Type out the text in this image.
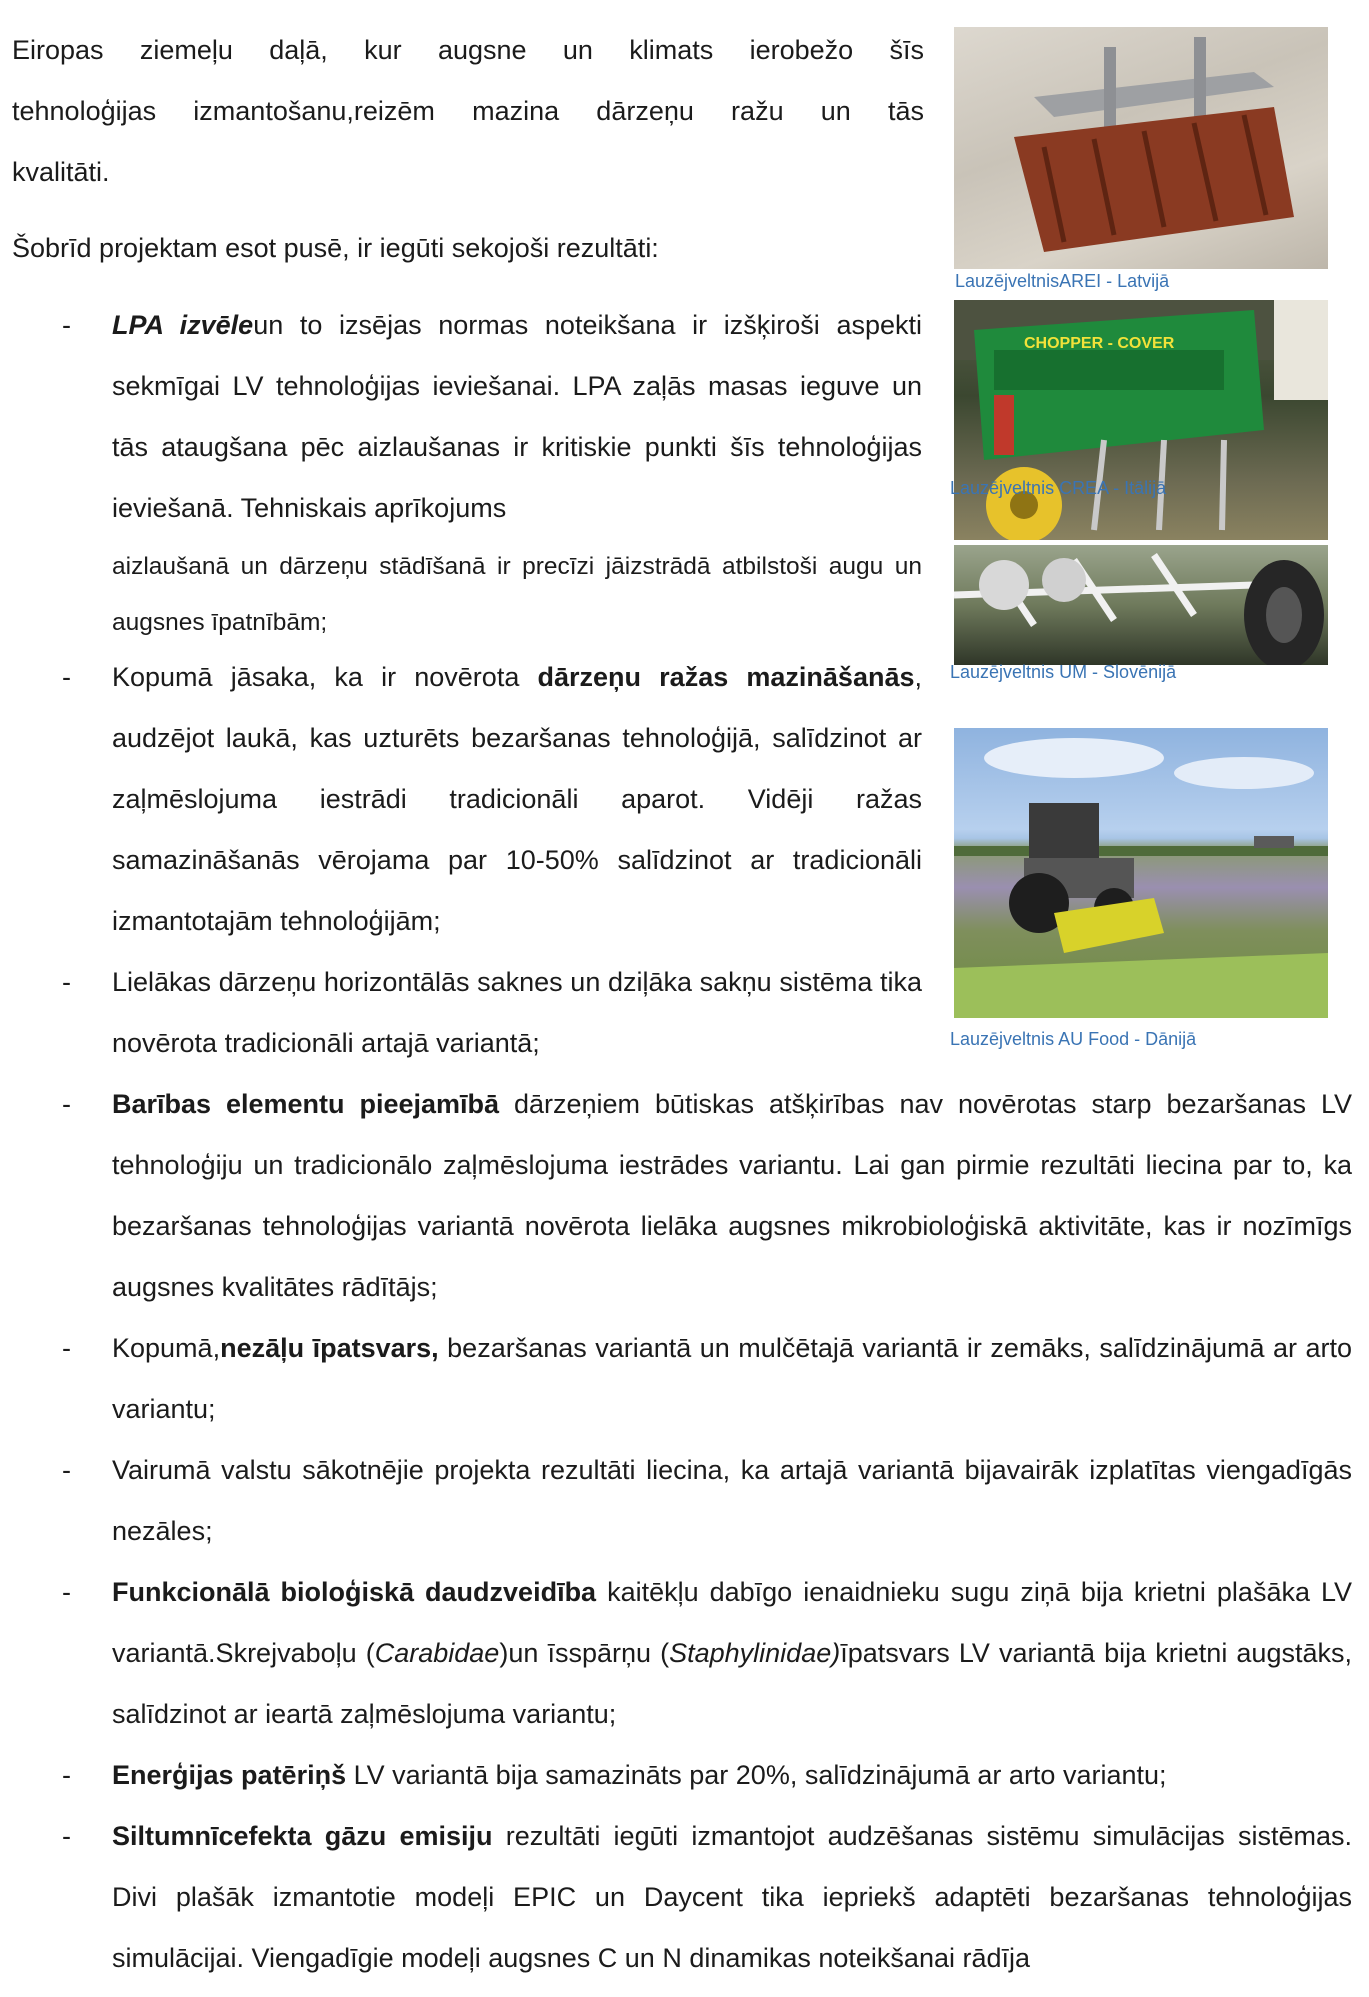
Eiropas ziemeļu daļā, kur augsne un klimats ierobežo šīs
tehnoloģijas izmantošanu,reizēm mazina dārzeņu ražu un tās
kvalitāti.
Šobrīd projektam esot pusē, ir iegūti sekojoši rezultāti:
- LPA izvēleun to izsējas normas noteikšana ir izšķiroši aspekti sekmīgai LV tehnoloģijas ieviešanai. LPA zaļās masas ieguve un tās ataugšana pēc aizlaušanas ir kritiskie punkti šīs tehnoloģijas ieviešanā. Tehniskais aprīkojums
aizlaušanā un dārzeņu stādīšanā ir precīzi jāizstrādā atbilstoši augu un augsnes īpatnībām;
- Kopumā jāsaka, ka ir novērota dārzeņu ražas mazināšanās, audzējot laukā, kas uzturēts bezaršanas tehnoloģijā, salīdzinot ar zaļmēslojuma iestrādi tradicionāli aparot. Vidēji ražas samazināšanās vērojama par 10-50% salīdzinot ar tradicionāli izmantotajām tehnoloģijām;
- Lielākas dārzeņu horizontālās saknes un dziļāka sakņu sistēma tika novērota tradicionāli artajā variantā;
- Barības elementu pieejamībā dārzeņiem būtiskas atšķirības nav novērotas starp bezaršanas LV tehnoloģiju un tradicionālo zaļmēslojuma iestrādes variantu. Lai gan pirmie rezultāti liecina par to, ka bezaršanas tehnoloģijas variantā novērota lielāka augsnes mikrobioloģiskā aktivitāte, kas ir nozīmīgs augsnes kvalitātes rādītājs;
- Kopumā,nezāļu īpatsvars, bezaršanas variantā un mulčētajā variantā ir zemāks, salīdzinājumā ar arto variantu;
- Vairumā valstu sākotnējie projekta rezultāti liecina, ka artajā variantā bijavairāk izplatītas viengadīgās nezāles;
- Funkcionālā bioloģiskā daudzveidība kaitēkļu dabīgo ienaidnieku sugu ziņā bija krietni plašāka LV variantā.Skrejvaboļu (Carabidae)un īsspārņu (Staphylinidae)īpatsvars LV variantā bija krietni augstāks, salīdzinot ar ieartā zaļmēslojuma variantu;
- Enerģijas patēriņš LV variantā bija samazināts par 20%, salīdzinājumā ar arto variantu;
- Siltumnīcefekta gāzu emisiju rezultāti iegūti izmantojot audzēšanas sistēmu simulācijas sistēmas. Divi plašāk izmantotie modeļi EPIC un Daycent tika iepriekš adaptēti bezaršanas tehnoloģijas simulācijai. Viengadīgie modeļi augsnes C un N dinamikas noteikšanai rādīja
LauzējveltnisAREI - Latvijā
CHOPPER - COVER
Lauzējveltnis CREA - Itālijā
Lauzējveltnis UM - Slovēnijā
Lauzējveltnis AU Food - Dānijā
